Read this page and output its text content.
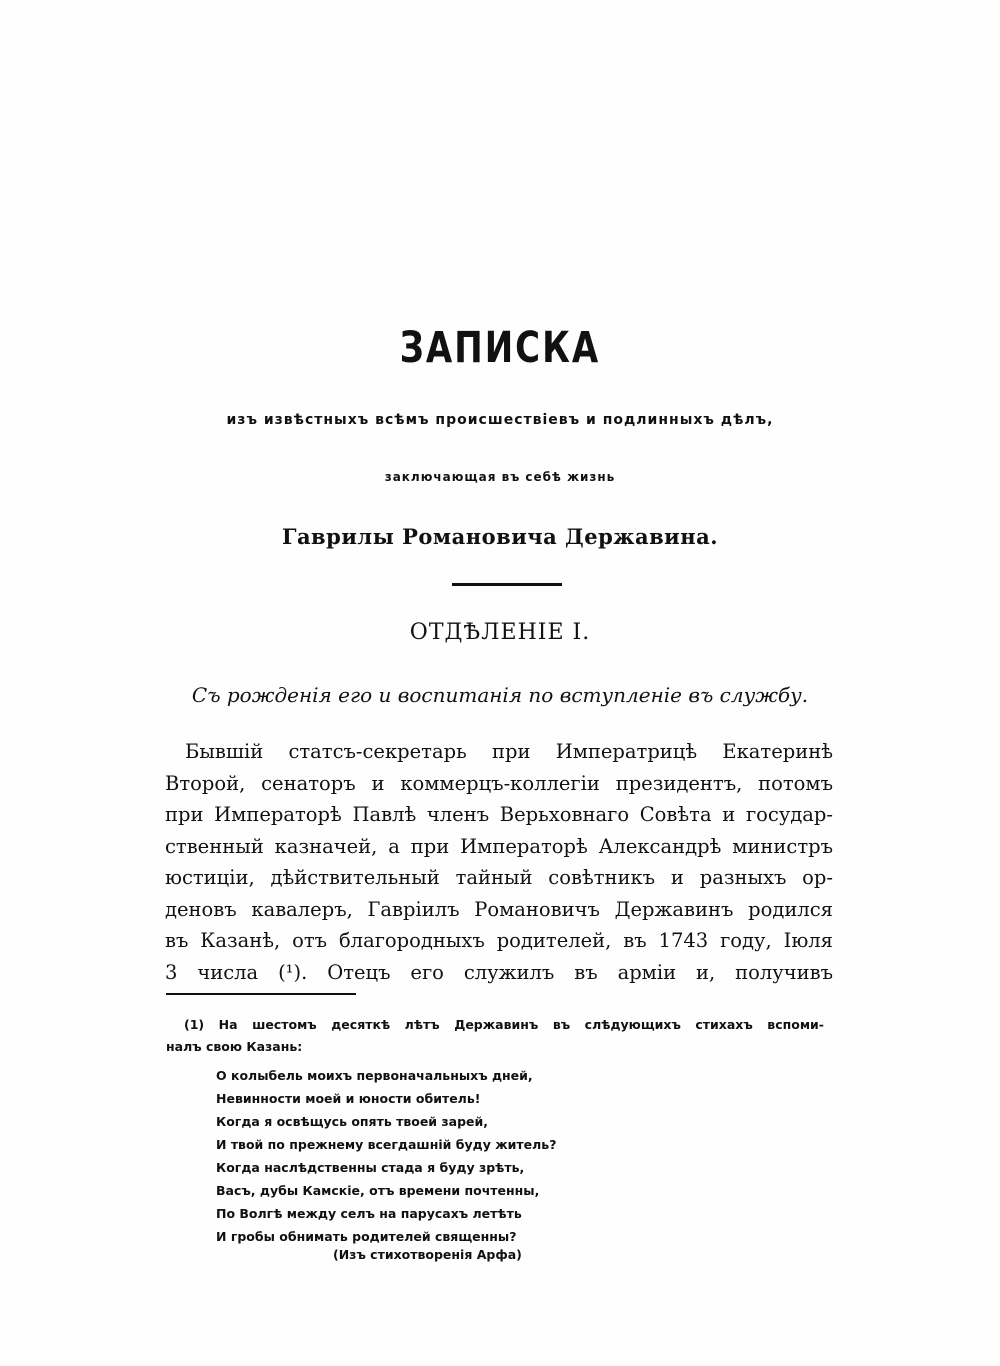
ЗАПИСКА
изъ извѣстныхъ всѣмъ происшествіевъ и подлинныхъ дѣлъ,
заключающая въ себѣ жизнь
Гаврилы Романовича Державина.
ОТДѢЛЕНІЕ I.
Съ рожденія его и воспитанія по вступленіе въ службу.
Бывшій статсъ-секретарь при Императрицѣ Екатеринѣ
Второй, сенаторъ и коммерцъ-коллегіи президентъ, потомъ
при Императорѣ Павлѣ членъ Верьховнаго Совѣта и государ-
ственный казначей, а при Императорѣ Александрѣ министръ
юстиціи, дѣйствительный тайный совѣтникъ и разныхъ ор-
деновъ кавалеръ, Гавріилъ Романовичъ Державинъ родился
въ Казанѣ, отъ благородныхъ родителей, въ 1743 году, Іюля
3 числа (¹). Отецъ его служилъ въ арміи и, получивъ
(1) На шестомъ десяткѣ лѣтъ Державинъ въ слѣдующихъ стихахъ вспоми-
налъ свою Казань:
О колыбель моихъ первоначальныхъ дней,
Невинности моей и юности обитель!
Когда я освѣщусь опять твоей зарей,
И твой по прежнему всегдашній буду житель?
Когда наслѣдственны стада я буду зрѣть,
Васъ, дубы Камскіе, отъ времени почтенны,
По Волгѣ между селъ на парусахъ летѣть
И гробы обнимать родителей священны?
(Изъ стихотворенія Арфа)
